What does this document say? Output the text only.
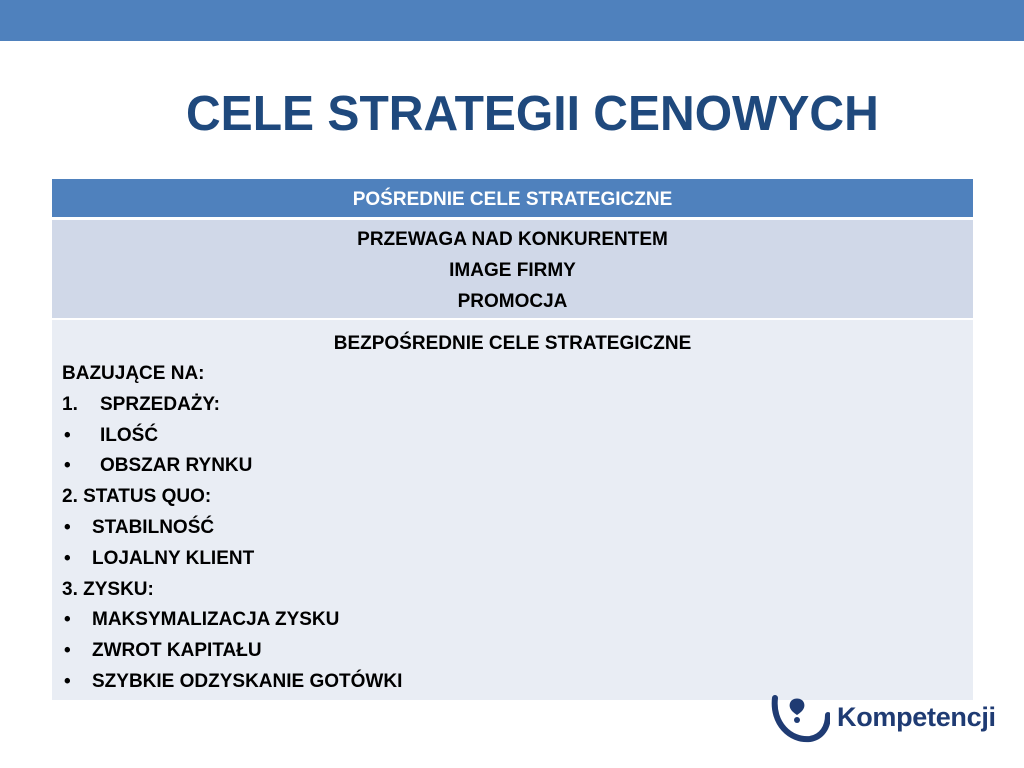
CELE STRATEGII CENOWYCH
POŚREDNIE CELE STRATEGICZNE
PRZEWAGA NAD KONKURENTEM
IMAGE FIRMY
PROMOCJA
BEZPOŚREDNIE CELE STRATEGICZNE
BAZUJĄCE NA:
1. SPRZEDAŻY:
• ILOŚĆ
• OBSZAR RYNKU
2. STATUS QUO:
• STABILNOŚĆ
• LOJALNY KLIENT
3. ZYSKU:
• MAKSYMALIZACJA ZYSKU
• ZWROT KAPITAŁU
• SZYBKIE ODZYSKANIE GOTÓWKI
Kompetencji
